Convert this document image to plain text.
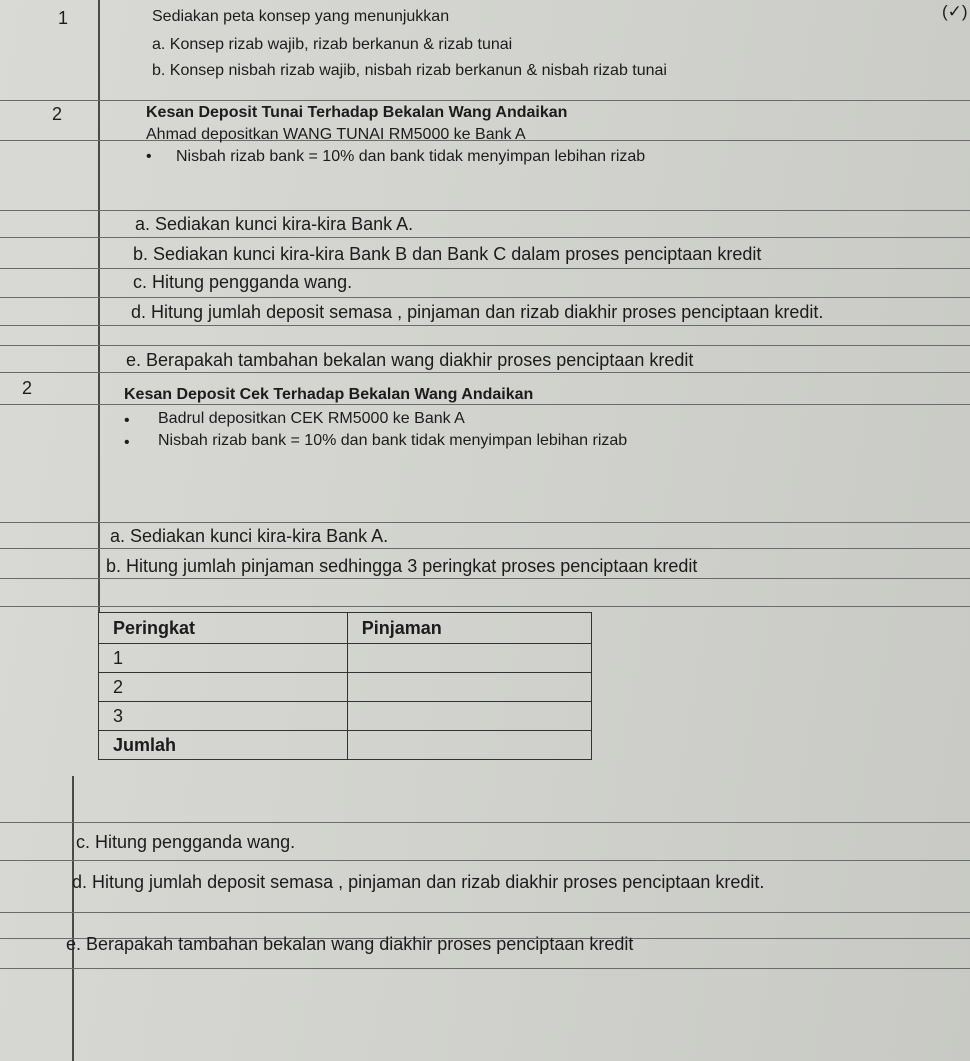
(✓)
1	Sediakan peta konsep yang menunjukkan
a. Konsep rizab wajib, rizab berkanun & rizab tunai
b. Konsep nisbah rizab wajib, nisbah rizab berkanun & nisbah rizab tunai
2	Kesan Deposit Tunai Terhadap Bekalan Wang Andaikan
Ahmad depositkan WANG TUNAI RM5000 ke Bank A
• Nisbah rizab bank = 10% dan bank tidak menyimpan lebihan rizab
a. Sediakan kunci kira-kira Bank A.
b. Sediakan kunci kira-kira Bank B dan Bank C dalam proses penciptaan kredit
c. Hitung pengganda wang.
d. Hitung jumlah deposit semasa , pinjaman dan rizab diakhir proses penciptaan kredit.
e. Berapakah tambahan bekalan wang diakhir proses penciptaan kredit
2	Kesan Deposit Cek Terhadap Bekalan Wang Andaikan
• Badrul depositkan CEK RM5000 ke Bank A
• Nisbah rizab bank = 10% dan bank tidak menyimpan lebihan rizab
a. Sediakan kunci kira-kira Bank A.
b. Hitung jumlah pinjaman sedhingga 3 peringkat proses penciptaan kredit
Peringkat	Pinjaman
1	
2	
3	
Jumlah	
c. Hitung pengganda wang.
d. Hitung jumlah deposit semasa , pinjaman dan rizab diakhir proses penciptaan kredit.
e. Berapakah tambahan bekalan wang diakhir proses penciptaan kredit
